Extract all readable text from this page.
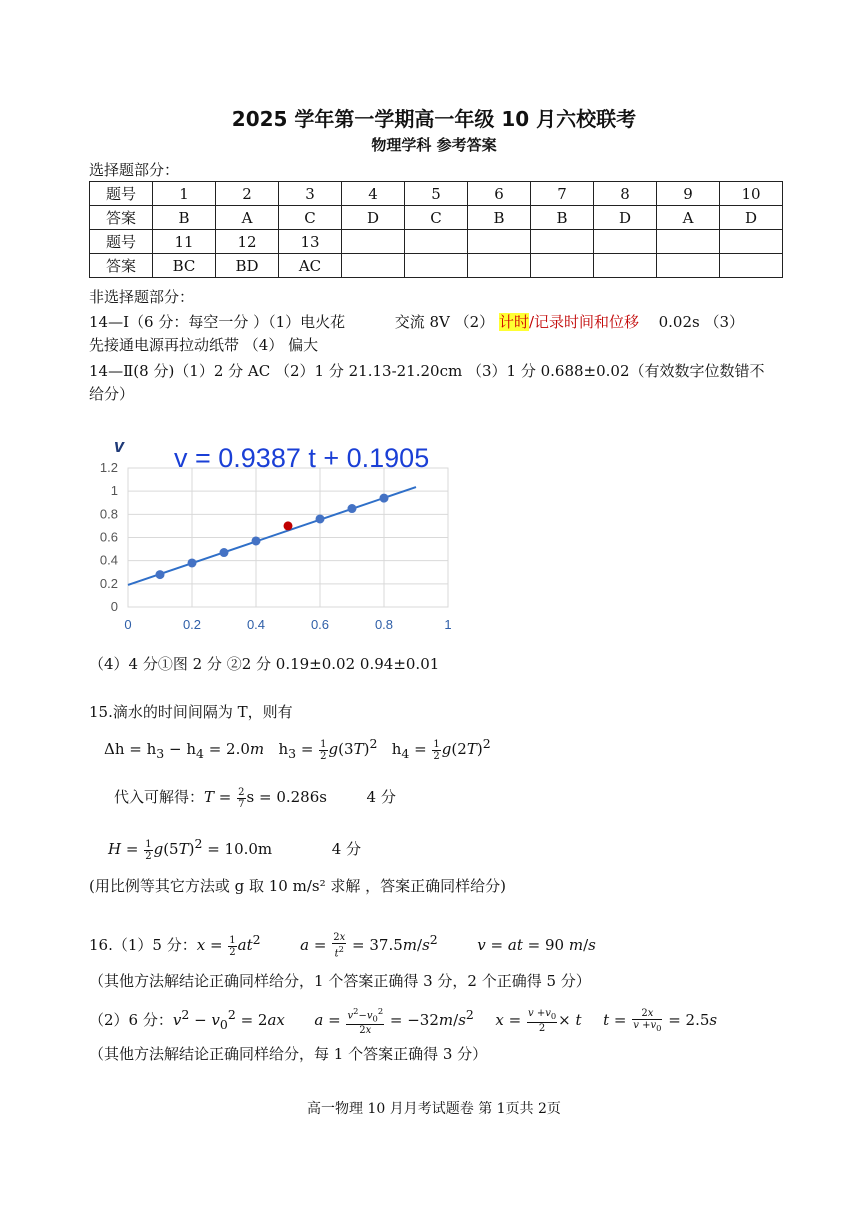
2025 学年第一学期高一年级 10 月六校联考
物理学科 参考答案
选择题部分：
题号	1	2	3	4	5	6	7	8	9	10
答案	B	A	C	D	C	B	B	D	A	D
题号	11	12	13							
答案	BC	BD	AC							
非选择题部分：
14—Ⅰ（6 分：每空一分 ）（1）电火花	交流 8V （2） 计时/记录时间和位移 0.02s （3）
先接通电源再拉动纸带 （4） 偏大
14—Ⅱ(8 分)（1）2 分 AC （2）1 分 21.13-21.20cm （3）1 分 0.688±0.02（有效数字位数错不
给分）
0
0.2
0.4
0.6
0.8
1
1.2
0	0.2	0.4	0.6	0.8	1
v v = 0.9387 t + 0.1905
（4）4 分①图 2 分 ②2 分 0.19±0.02 0.94±0.01
15.滴水的时间间隔为 T，则有
$\Delta h = h_3 - h_4 = 2.0m$   $h_3 = \frac{1}{2} g(3T)^2$   $h_4 = \frac{1}{2} g(2T)^2$
代入可解得：$T = \frac{2}{7}$ s = 0.286s  4 分
$H = \frac{1}{2} g(5T)^2 = 10.0m$	4 分
(用比例等其它方法或 g 取 10 m/s² 求解 ，答案正确同样给分)
16.（1）5 分：$x = \frac{1}{2} at^2$	$a = \frac{2x}{t^2} = 37.5m/s^2$	v = at = 90 m/s
（其他方法解结论正确同样给分，1 个答案正确得 3 分，2 个正确得 5 分）
（2）6 分：$v^2 - v_0^2 = 2ax$ $a = \frac{v^2-v_0^2}{2x} = -32m/s^2$ $x = \frac{v +v_0}{2} \times t$ $t = \frac{2x}{v +v_0} = 2.5s$
（其他方法解结论正确同样给分，每 1 个答案正确得 3 分）
高一物理 10 月月考试题卷 第 1页共 2页
